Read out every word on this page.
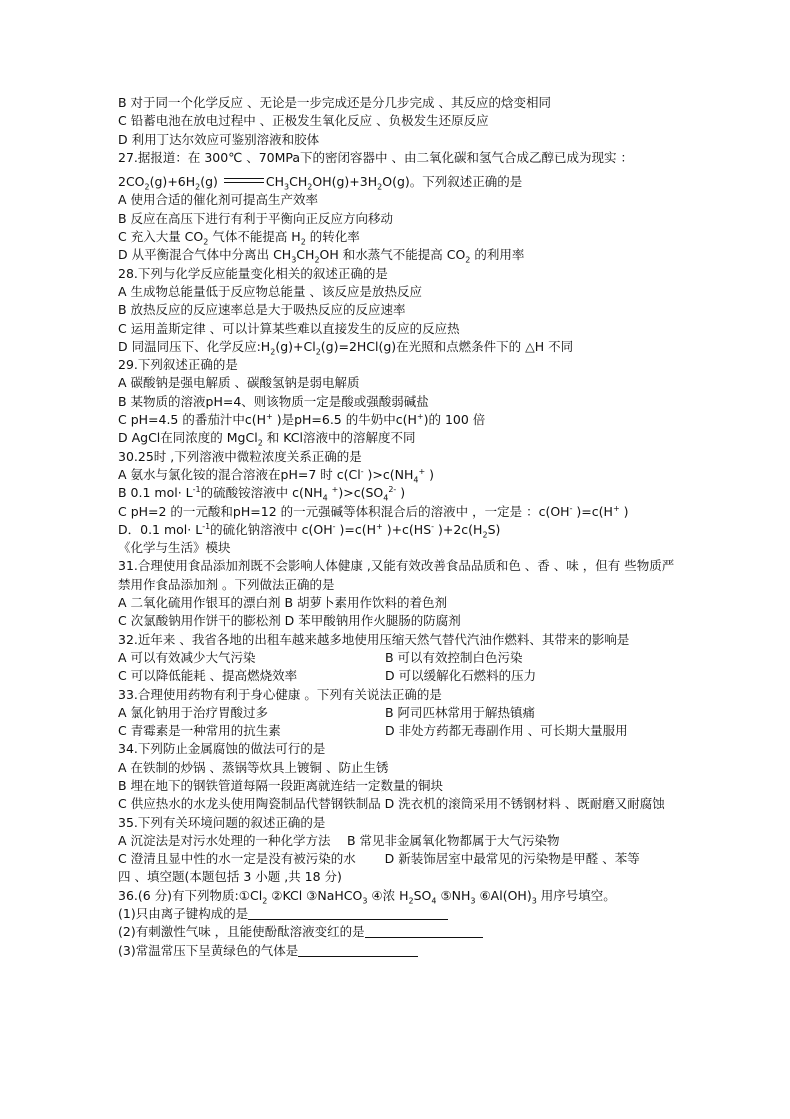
B 对于同一个化学反应 、无论是一步完成还是分几步完成 、其反应的焓变相同
C 铅蓄电池在放电过程中 、正极发生氧化反应 、负极发生还原反应
D 利用丁达尔效应可鉴别溶液和胶体
27.据报道：在 300℃ 、70MPa下的密闭容器中 、由二氧化碳和氢气合成乙醇已成为现实 ：
$2CO_2(g)+6H_2(g)$	$CH_3CH_2OH(g)+3H_2O(g)$。下列叙述正确的是
A 使用合适的催化剂可提高生产效率
B 反应在高压下进行有利于平衡向正反应方向移动
C 充入大量 $CO_2$ 气体不能提高 $H_2$ 的转化率
D 从平衡混合气体中分离出 $CH_3CH_2OH$ 和水蒸气不能提高 $CO_2$ 的利用率
28.下列与化学反应能量变化相关的叙述正确的是
A 生成物总能量低于反应物总能量 、该反应是放热反应
B 放热反应的反应速率总是大于吸热反应的反应速率
C 运用盖斯定律 、可以计算某些难以直接发生的反应的反应热
D 同温同压下、化学反应$:H_2(g)+Cl_2(g)=2HCl(g)$在光照和点燃条件下的 △H 不同
29.下列叙述正确的是
A 碳酸钠是强电解质 、碳酸氢钠是弱电解质
B 某物质的溶液pH=4、则该物质一定是酸或强酸弱碱盐
C pH=4.5 的番茄汁中c(H+ )是pH=6.5 的牛奶中c(H+)的 100 倍
D AgCl在同浓度的 MgCl$_2$ 和 KCl溶液中的溶解度不同
30.25时 ,下列溶液中微粒浓度关系正确的是
A 氨水与氯化铵的混合溶液在pH=7 时 c(Cl- )$>c(NH_4^+$ )
B 0.1 $mol\cdot L^{-1}$的硫酸铵溶液中 $c(NH_4$ $^+)>c(SO_4^{2-}$ )
C pH=2 的一元酸和pH=12 的一元强碱等体积混合后的溶液中 ，一定是 ：c(OH- )=c(H+ )
D．0.1 $mol\cdot L^{-1}$的硫化钠溶液中 c(OH- )=c(H+ )+c(HS- )$+2c(H_2S)$
《化学与生活》模块
31.合理使用食品添加剂既不会影响人体健康 ,又能有效改善食品品质和色 、香 、味 ，但有 些物质严禁用作食品添加剂 。下列做法正确的是
A 二氧化硫用作银耳的漂白剂 B 胡萝卜素用作饮料的着色剂
C 次氯酸钠用作饼干的膨松剂 D 苯甲酸钠用作火腿肠的防腐剂
32.近年来 、我省各地的出租车越来越多地使用压缩天然气替代汽油作燃料、其带来的影响是
A 可以有效减少大气污染	B 可以有效控制白色污染
C 可以降低能耗 、提高燃烧效率	D 可以缓解化石燃料的压力
33.合理使用药物有利于身心健康 。下列有关说法正确的是
A 氯化钠用于治疗胃酸过多	B 阿司匹林常用于解热镇痛
C 青霉素是一种常用的抗生素	D 非处方药都无毒副作用 、可长期大量服用
34.下列防止金属腐蚀的做法可行的是
A 在铁制的炒锅 、蒸锅等炊具上镀铜 、防止生锈
B 埋在地下的钢铁管道每隔一段距离就连结一定数量的铜块
C 供应热水的水龙头使用陶瓷制品代替钢铁制品 D 洗衣机的滚筒采用不锈钢材料 、既耐磨又耐腐蚀
35.下列有关环境问题的叙述正确的是
A 沉淀法是对污水处理的一种化学方法 　B 常见非金属氧化物都属于大气污染物
C 澄清且显中性的水一定是没有被污染的水 　　D 新装饰居室中最常见的污染物是甲醛 、苯等
四 、填空题(本题包括 3 小题 ,共 18 分)
36.(6 分)有下列物质$:①Cl_2$ ②KCl ③NaHCO$_3$ ④浓 $H_2SO_4$ $⑤NH_3$ $⑥Al(OH)_3$ 用序号填空。
(1)只由离子键构成的是
(2)有刺激性气味 ，且能使酚酞溶液变红的是
(3)常温常压下呈黄绿色的气体是
